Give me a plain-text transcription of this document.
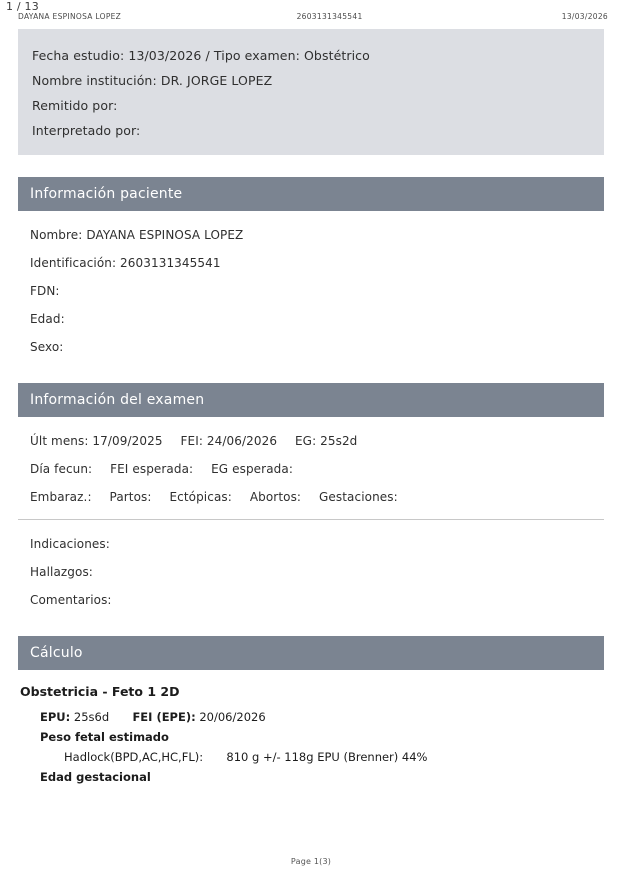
1 / 13
DAYANA ESPINOSA LOPEZ	2603131345541	13/03/2026
Fecha estudio: 13/03/2026 / Tipo examen: Obstétrico
Nombre institución: DR. JORGE LOPEZ
Remitido por:
Interpretado por:
Información paciente
Nombre: DAYANA ESPINOSA LOPEZ
Identificación: 2603131345541
FDN:
Edad:
Sexo:
Información del examen
Últ mens: 17/09/2025 FEI: 24/06/2026 EG: 25s2d
Día fecun: FEI esperada: EG esperada:
Embaraz.: Partos: Ectópicas: Abortos: Gestaciones:
Indicaciones:
Hallazgos:
Comentarios:
Cálculo
Obstetricia - Feto 1 2D
EPU: 25s6d FEI (EPE): 20/06/2026
Peso fetal estimado
Hadlock(BPD,AC,HC,FL): 810 g +/- 118g EPU (Brenner) 44%
Edad gestacional
Page 1(3)
